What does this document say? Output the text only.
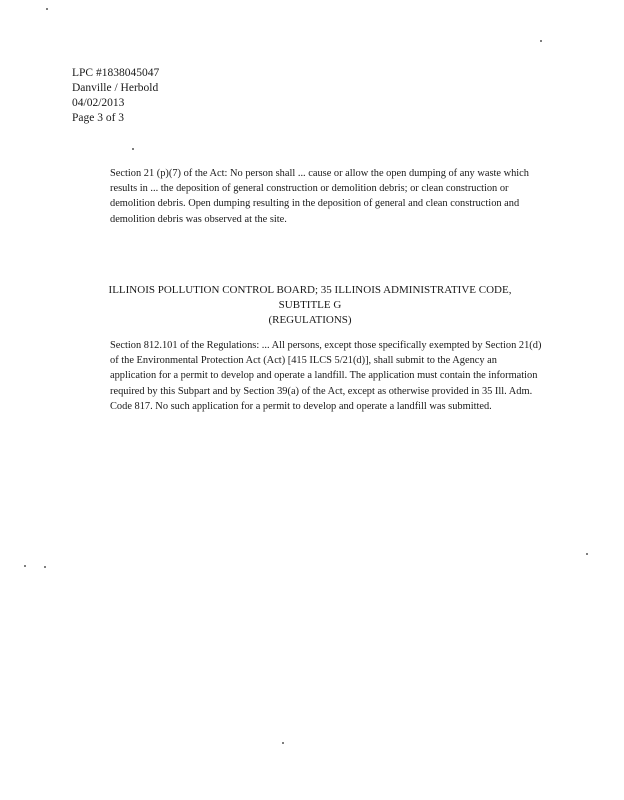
LPC #1838045047
Danville / Herbold
04/02/2013
Page 3 of 3
Section 21 (p)(7) of the Act: No person shall ... cause or allow the open dumping of any waste which results in ... the deposition of general construction or demolition debris; or clean construction or demolition debris. Open dumping resulting in the deposition of general and clean construction and demolition debris was observed at the site.
ILLINOIS POLLUTION CONTROL BOARD; 35 ILLINOIS ADMINISTRATIVE CODE,
SUBTITLE G
(REGULATIONS)
Section 812.101 of the Regulations: ... All persons, except those specifically exempted by Section 21(d) of the Environmental Protection Act (Act) [415 ILCS 5/21(d)], shall submit to the Agency an application for a permit to develop and operate a landfill. The application must contain the information required by this Subpart and by Section 39(a) of the Act, except as otherwise provided in 35 Ill. Adm. Code 817. No such application for a permit to develop and operate a landfill was submitted.
